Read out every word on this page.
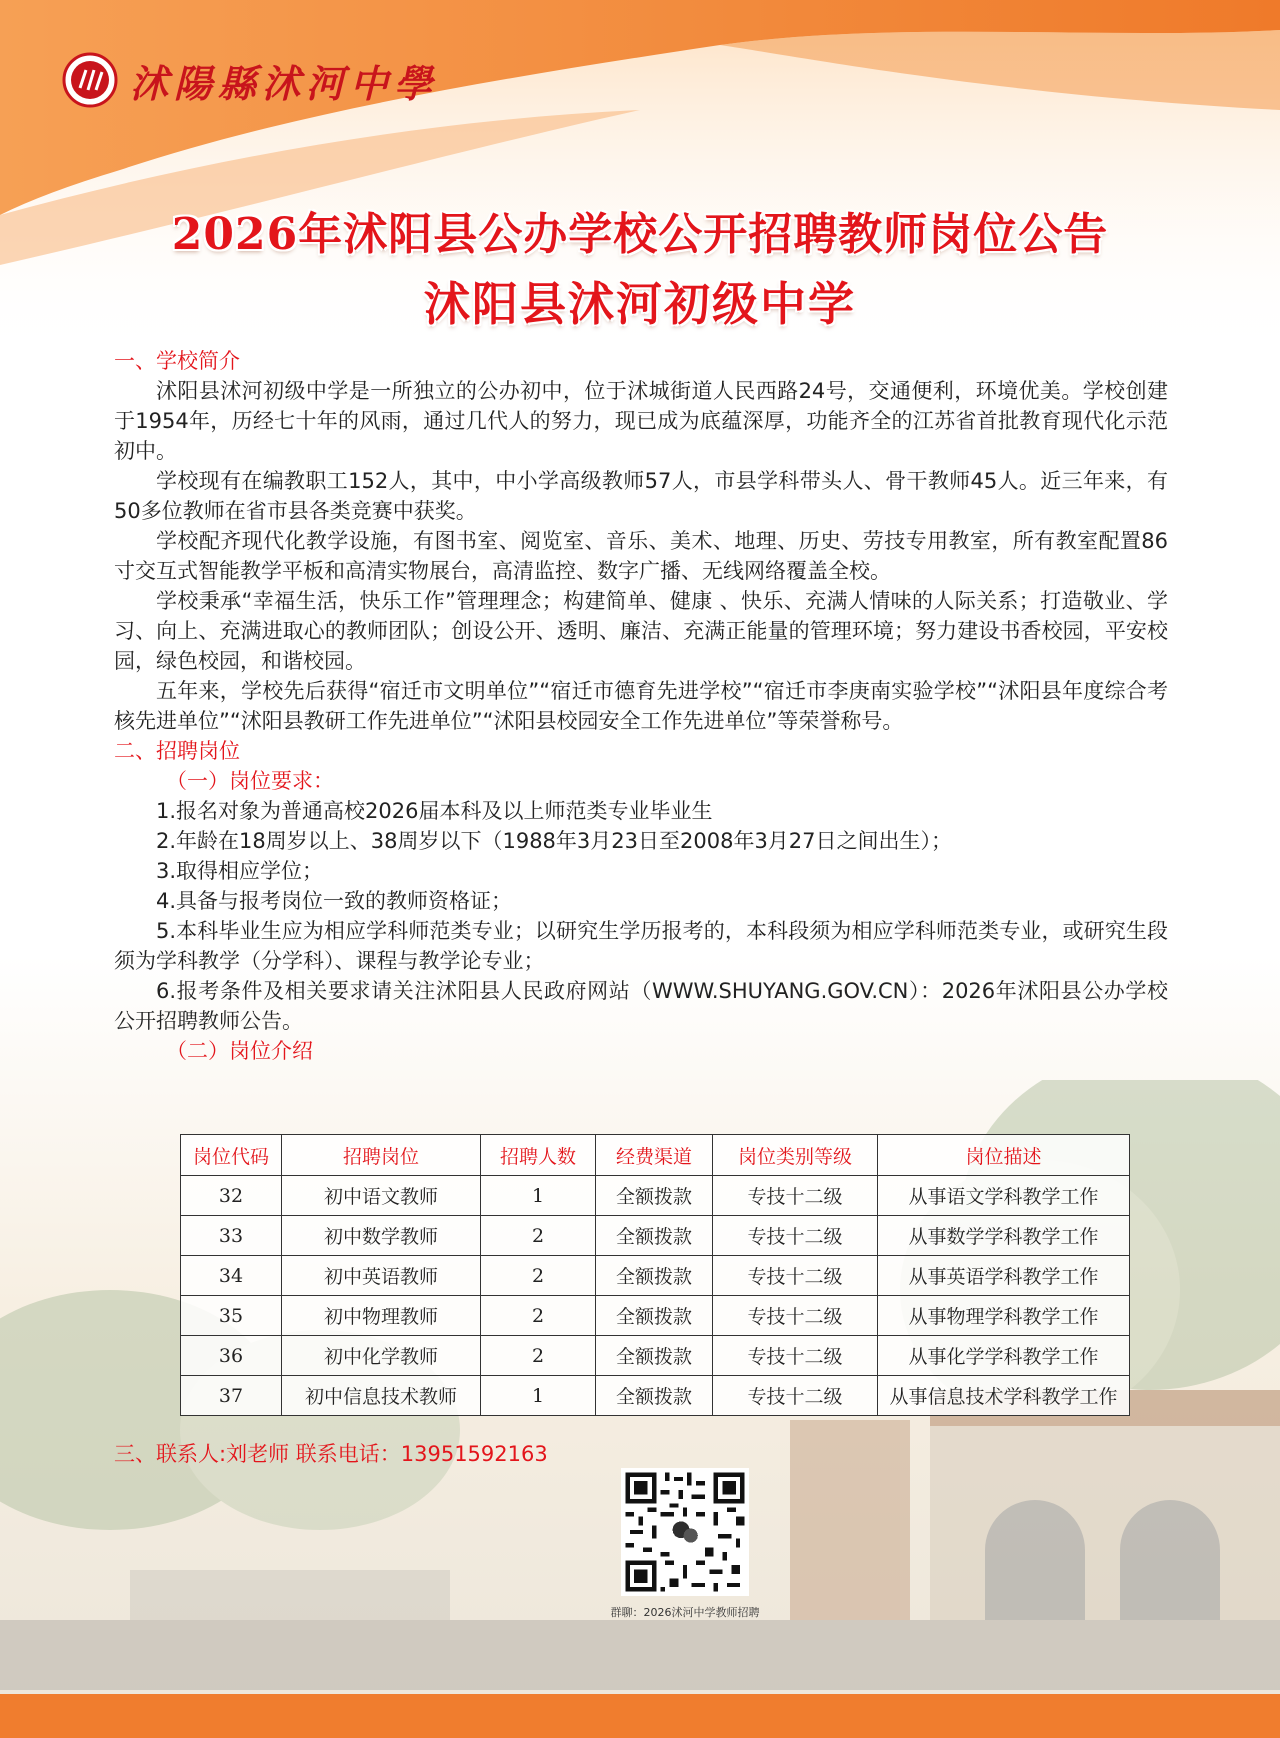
沭陽縣沭河中學
2026年沭阳县公办学校公开招聘教师岗位公告
沭阳县沭河初级中学

一、学校简介

沭阳县沭河初级中学是一所独立的公办初中，位于沭城街道人民西路24号，交通便利，环境优美。学校创建于1954年，历经七十年的风雨，通过几代人的努力，现已成为底蕴深厚，功能齐全的江苏省首批教育现代化示范初中。

学校现有在编教职工152人，其中，中小学高级教师57人，市县学科带头人、骨干教师45人。近三年来，有50多位教师在省市县各类竞赛中获奖。

学校配齐现代化教学设施，有图书室、阅览室、音乐、美术、地理、历史、劳技专用教室，所有教室配置86寸交互式智能教学平板和高清实物展台，高清监控、数字广播、无线网络覆盖全校。

学校秉承“幸福生活，快乐工作”管理理念；构建简单、健康 、快乐、充满人情味的人际关系；打造敬业、学习、向上、充满进取心的教师团队；创设公开、透明、廉洁、充满正能量的管理环境；努力建设书香校园，平安校园，绿色校园，和谐校园。

五年来，学校先后获得“宿迁市文明单位”“宿迁市德育先进学校”“宿迁市李庚南实验学校”“沭阳县年度综合考核先进单位”“沭阳县教研工作先进单位”“沭阳县校园安全工作先进单位”等荣誉称号。

二、招聘岗位

（一）岗位要求：

1.报名对象为普通高校2026届本科及以上师范类专业毕业生

2.年龄在18周岁以上、38周岁以下（1988年3月23日至2008年3月27日之间出生）；

3.取得相应学位；

4.具备与报考岗位一致的教师资格证；

5.本科毕业生应为相应学科师范类专业；以研究生学历报考的，本科段须为相应学科师范类专业，或研究生段须为学科教学（分学科）、课程与教学论专业；

6.报考条件及相关要求请关注沭阳县人民政府网站（WWW.SHUYANG.GOV.CN）：2026年沭阳县公办学校公开招聘教师公告。

（二）岗位介绍

岗位代码	招聘岗位	招聘人数	经费渠道	岗位类别等级	岗位描述
32	初中语文教师	1	全额拨款	专技十二级	从事语文学科教学工作
33	初中数学教师	2	全额拨款	专技十二级	从事数学学科教学工作
34	初中英语教师	2	全额拨款	专技十二级	从事英语学科教学工作
35	初中物理教师	2	全额拨款	专技十二级	从事物理学科教学工作
36	初中化学教师	2	全额拨款	专技十二级	从事化学学科教学工作
37	初中信息技术教师	1	全额拨款	专技十二级	从事信息技术学科教学工作
三、联系人:刘老师 联系电话：13951592163
群聊：2026沭河中学教师招聘
